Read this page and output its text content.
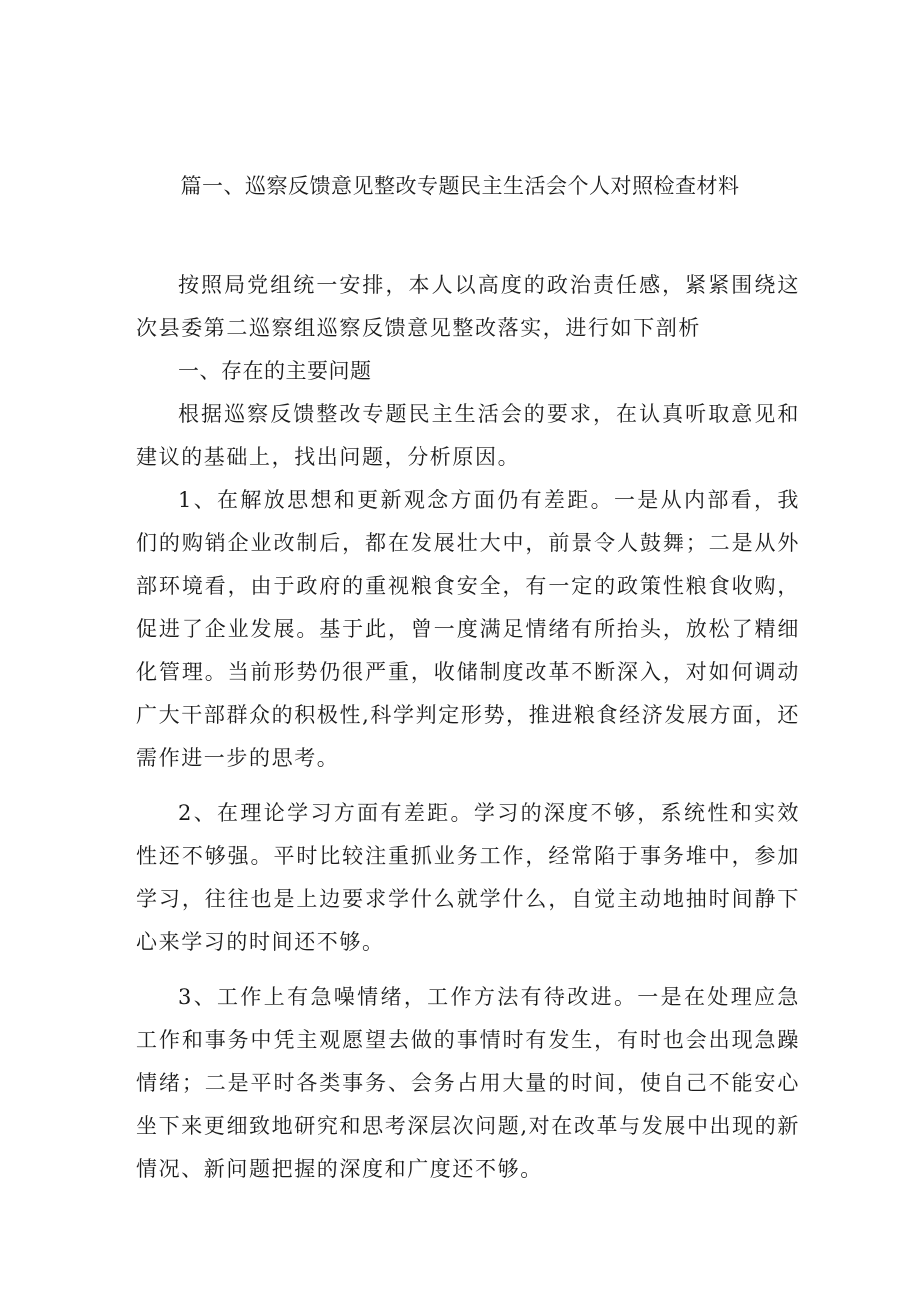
篇一、巡察反馈意见整改专题民主生活会个人对照检查材料

按照局党组统一安排，本人以高度的政治责任感，紧紧围绕这次县委第二巡察组巡察反馈意见整改落实，进行如下剖析

一、存在的主要问题

根据巡察反馈整改专题民主生活会的要求，在认真听取意见和建议的基础上，找出问题，分析原因。

1、在解放思想和更新观念方面仍有差距。一是从内部看，我们的购销企业改制后，都在发展壮大中，前景令人鼓舞；二是从外部环境看，由于政府的重视粮食安全，有一定的政策性粮食收购，促进了企业发展。基于此，曾一度满足情绪有所抬头，放松了精细化管理。当前形势仍很严重，收储制度改革不断深入，对如何调动广大干部群众的积极性,科学判定形势，推进粮食经济发展方面，还需作进一步的思考。

2、在理论学习方面有差距。学习的深度不够，系统性和实效性还不够强。平时比较注重抓业务工作，经常陷于事务堆中，参加学习，往往也是上边要求学什么就学什么，自觉主动地抽时间静下心来学习的时间还不够。

3、工作上有急噪情绪，工作方法有待改进。一是在处理应急工作和事务中凭主观愿望去做的事情时有发生，有时也会出现急躁情绪；二是平时各类事务、会务占用大量的时间，使自己不能安心坐下来更细致地研究和思考深层次问题,对在改革与发展中出现的新情况、新问题把握的深度和广度还不够。
